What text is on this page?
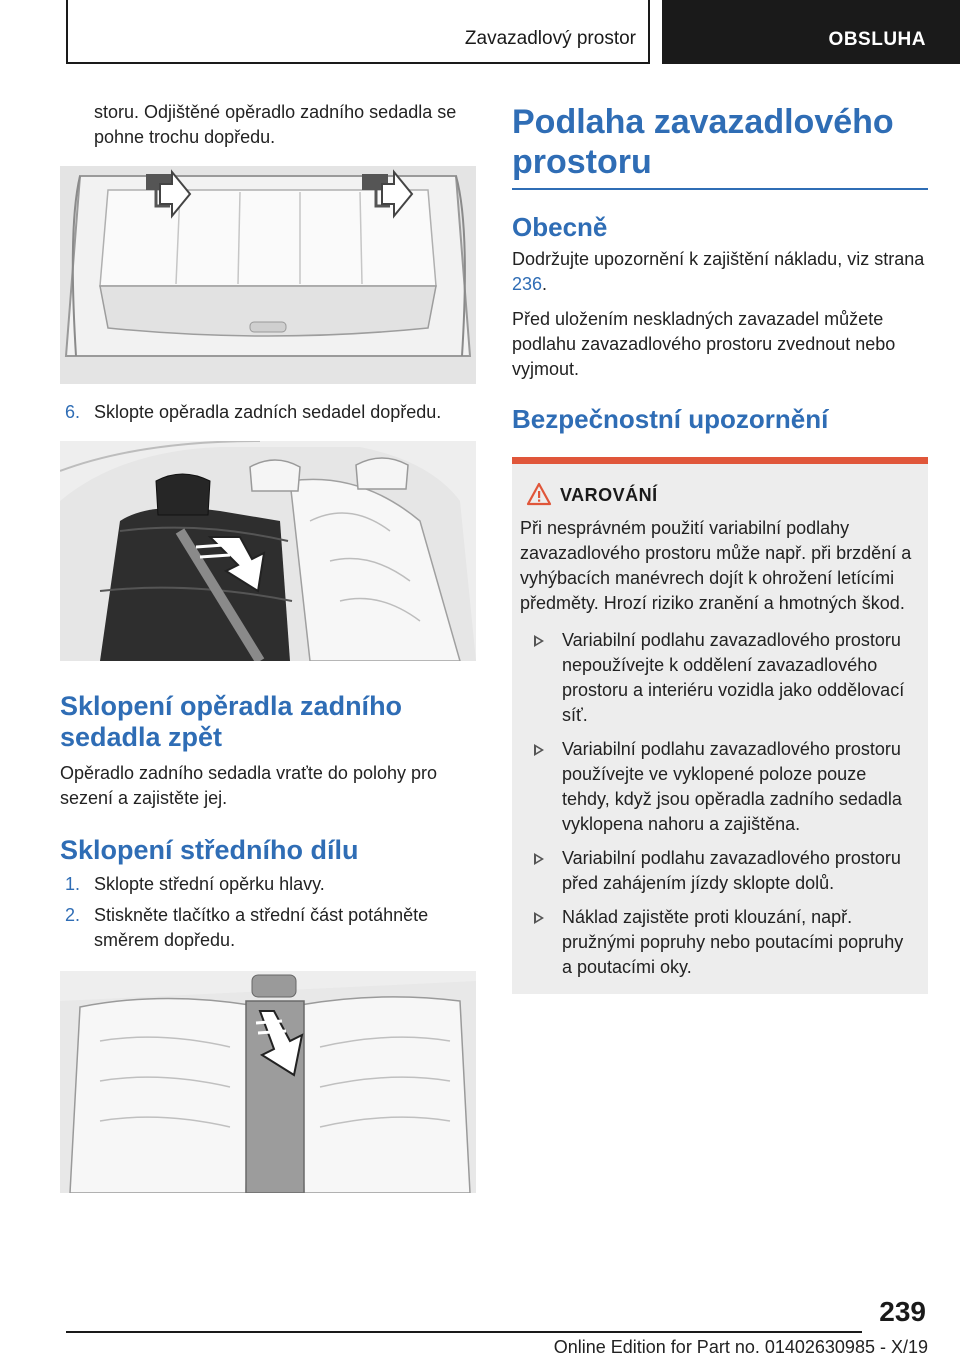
Zavazadlový prostor	OBSLUHA

storu. Odjištěné opěradlo zadního sedadla se pohne trochu dopředu.

6. Sklopte opěradla zadních sedadel dopředu.
Sklopení opěradla zadního sedadla zpět

Opěradlo zadního sedadla vraťte do polohy pro sezení a zajistěte jej.

Sklopení středního dílu
1. Sklopte střední opěrku hlavy.
2. Stiskněte tlačítko a střední část potáhněte směrem dopředu.
Podlaha zavazadlového prostoru
Obecně

Dodržujte upozornění k zajištění nákladu, viz strana 236.

Před uložením neskladných zavazadel můžete podlahu zavazadlového prostoru zvednout nebo vyjmout.

Bezpečnostní upozornění
VAROVÁNÍ

Při nesprávném použití variabilní podlahy zavazadlového prostoru může např. při brzdění a vyhýbacích manévrech dojít k ohrožení letícími předměty. Hrozí riziko zranění a hmotných škod.

Variabilní podlahu zavazadlového prostoru nepoužívejte k oddělení zavazadlového prostoru a interiéru vozidla jako oddělovací síť.
Variabilní podlahu zavazadlového prostoru používejte ve vyklopené poloze pouze tehdy, když jsou opěradla zadního sedadla vyklopena nahoru a zajištěna.
Variabilní podlahu zavazadlového prostoru před zahájením jízdy sklopte dolů.
Náklad zajistěte proti klouzání, např. pružnými popruhy nebo poutacími popruhy a poutacími oky.
239
Online Edition for Part no. 01402630985 - X/19
